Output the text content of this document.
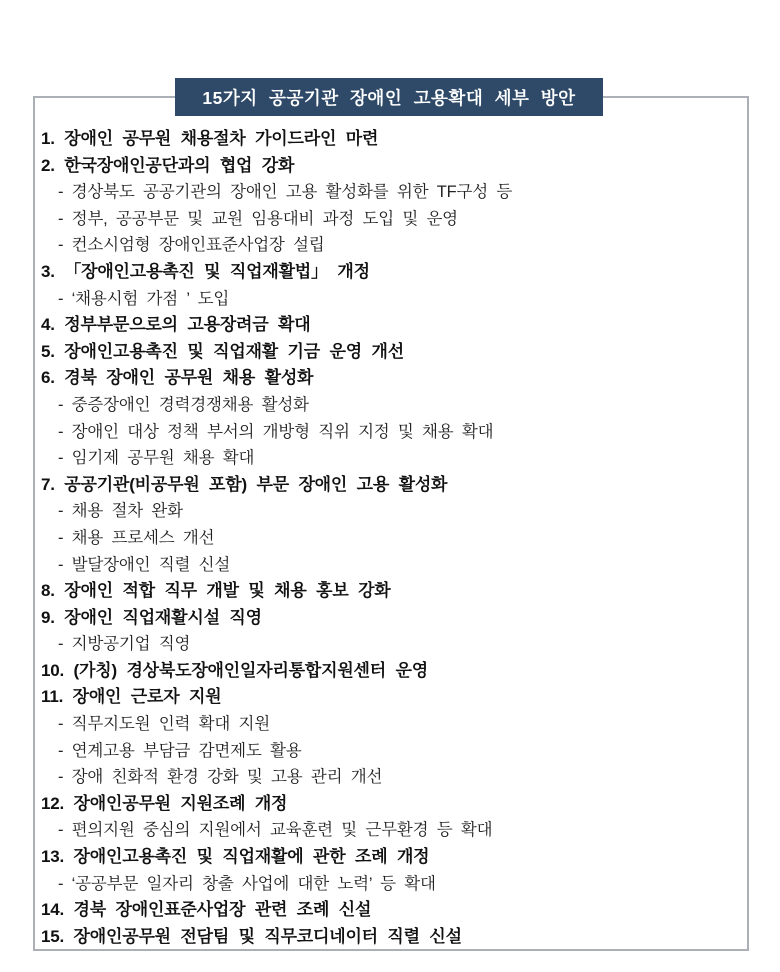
15가지 공공기관 장애인 고용확대 세부 방안
1. 장애인 공무원 채용절차 가이드라인 마련
2. 한국장애인공단과의 협업 강화
- 경상북도 공공기관의 장애인 고용 활성화를 위한 TF구성 등
- 정부, 공공부문 및 교원 임용대비 과정 도입 및 운영
- 컨소시엄형 장애인표준사업장 설립
3. 「장애인고용촉진 및 직업재활법」 개정
- ‘채용시험 가점 ’ 도입
4. 정부부문으로의 고용장려금 확대
5. 장애인고용촉진 및 직업재활 기금 운영 개선
6. 경북 장애인 공무원 채용 활성화
- 중증장애인 경력경쟁채용 활성화
- 장애인 대상 정책 부서의 개방형 직위 지정 및 채용 확대
- 임기제 공무원 채용 확대
7. 공공기관(비공무원 포함) 부문 장애인 고용 활성화
- 채용 절차 완화
- 채용 프로세스 개선
- 발달장애인 직렬 신설
8. 장애인 적합 직무 개발 및 채용 홍보 강화
9. 장애인 직업재활시설 직영
- 지방공기업 직영
10. (가칭) 경상북도장애인일자리통합지원센터 운영
11. 장애인 근로자 지원
- 직무지도원 인력 확대 지원
- 연계고용 부담금 감면제도 활용
- 장애 친화적 환경 강화 및 고용 관리 개선
12. 장애인공무원 지원조례 개정
- 편의지원 중심의 지원에서 교육훈련 및 근무환경 등 확대
13. 장애인고용촉진 및 직업재활에 관한 조례 개정
- ‘공공부문 일자리 창출 사업에 대한 노력’ 등 확대
14. 경북 장애인표준사업장 관련 조례 신설
15. 장애인공무원 전담팀 및 직무코디네이터 직렬 신설
